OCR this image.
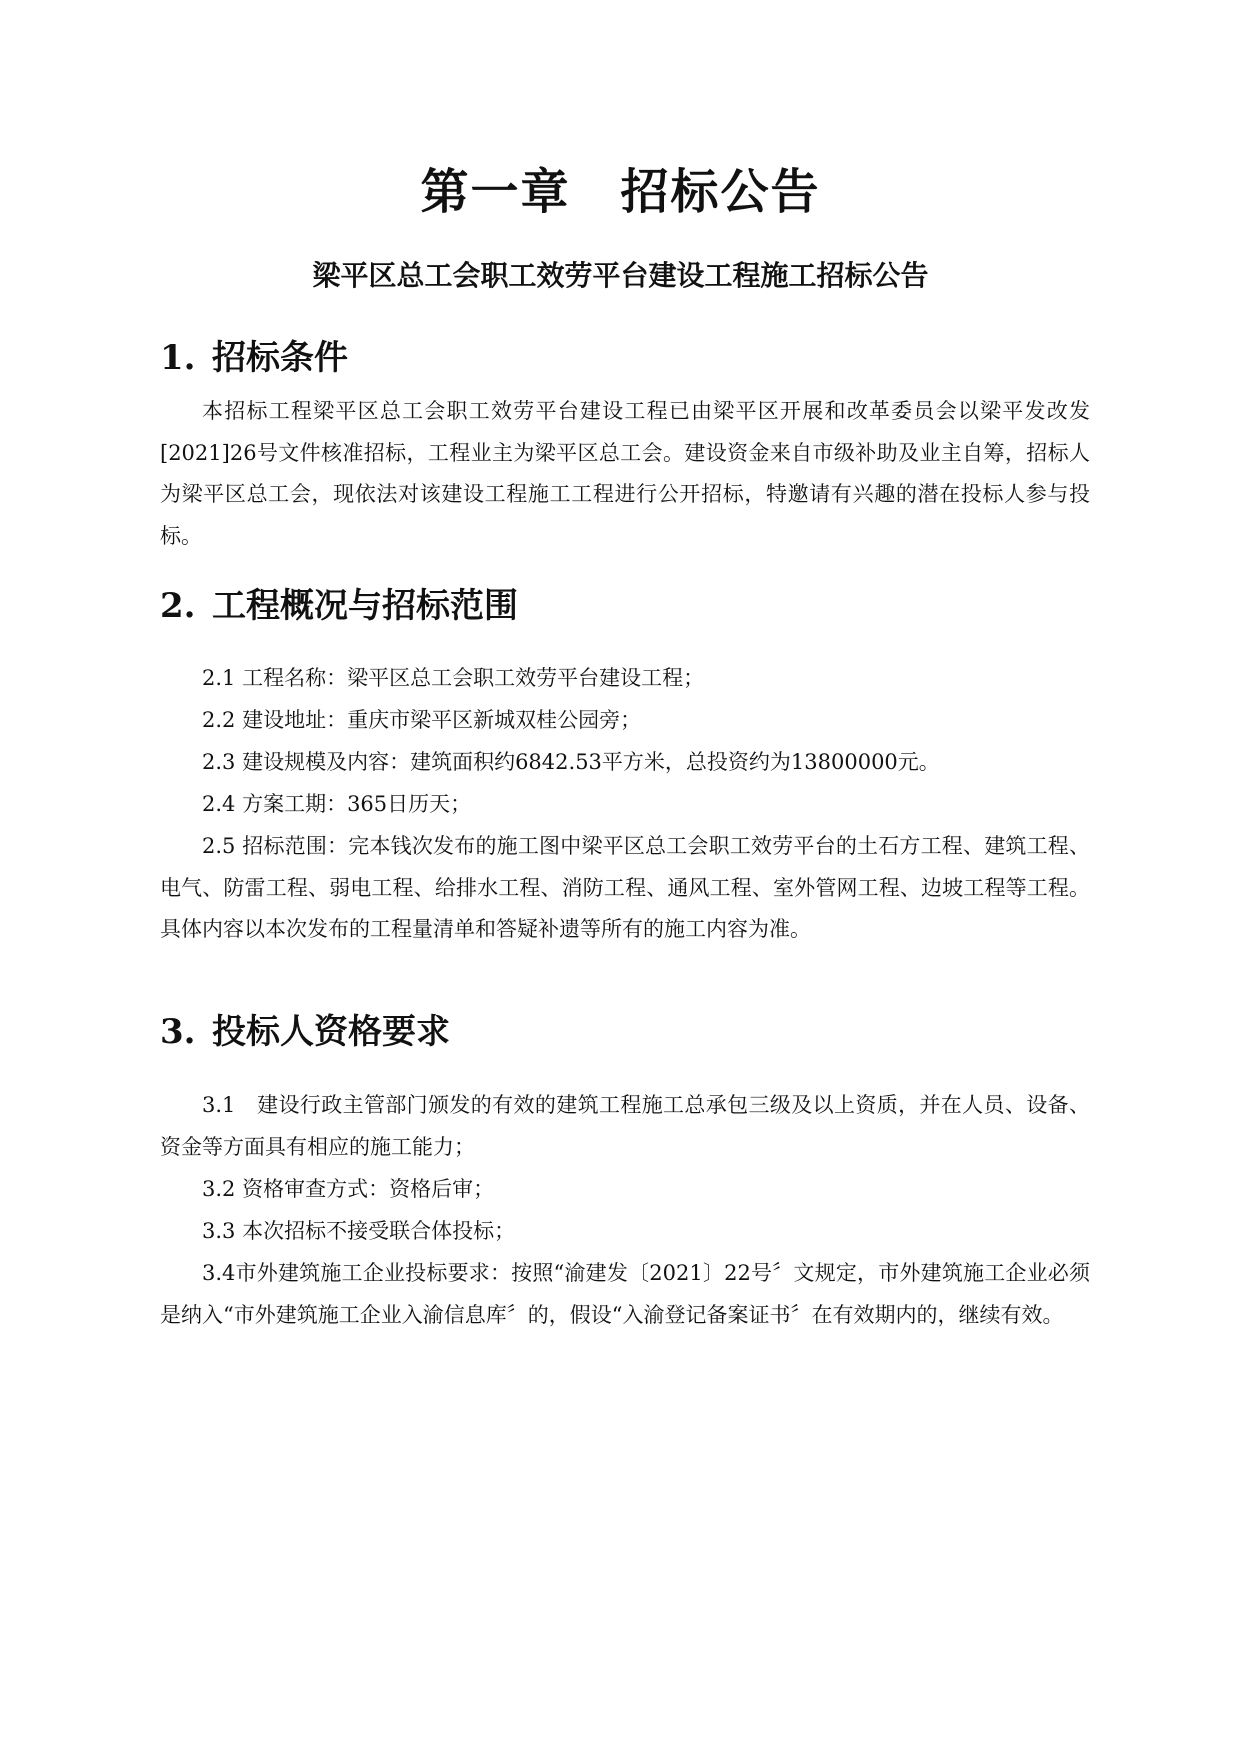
第一章　招标公告
梁平区总工会职工效劳平台建设工程施工招标公告
1. 招标条件

本招标工程梁平区总工会职工效劳平台建设工程已由梁平区开展和改革委员会以梁平发改发[2021]26号文件核准招标，工程业主为梁平区总工会。建设资金来自市级补助及业主自筹，招标人为梁平区总工会，现依法对该建设工程施工工程进行公开招标，特邀请有兴趣的潜在投标人参与投标。

2. 工程概况与招标范围

2.1 工程名称：梁平区总工会职工效劳平台建设工程；

2.2 建设地址：重庆市梁平区新城双桂公园旁；

2.3 建设规模及内容：建筑面积约6842.53平方米，总投资约为13800000元。

2.4 方案工期：365日历天；

2.5 招标范围：完本钱次发布的施工图中梁平区总工会职工效劳平台的土石方工程、建筑工程、电气、防雷工程、弱电工程、给排水工程、消防工程、通风工程、室外管网工程、边坡工程等工程。具体内容以本次发布的工程量清单和答疑补遗等所有的施工内容为准。

3. 投标人资格要求

3.1　建设行政主管部门颁发的有效的建筑工程施工总承包三级及以上资质，并在人员、设备、资金等方面具有相应的施工能力；

3.2 资格审查方式：资格后审；

3.3 本次招标不接受联合体投标；

3.4市外建筑施工企业投标要求：按照“渝建发〔2021〕22号〞文规定，市外建筑施工企业必须是纳入“市外建筑施工企业入渝信息库〞的，假设“入渝登记备案证书〞在有效期内的，继续有效。
